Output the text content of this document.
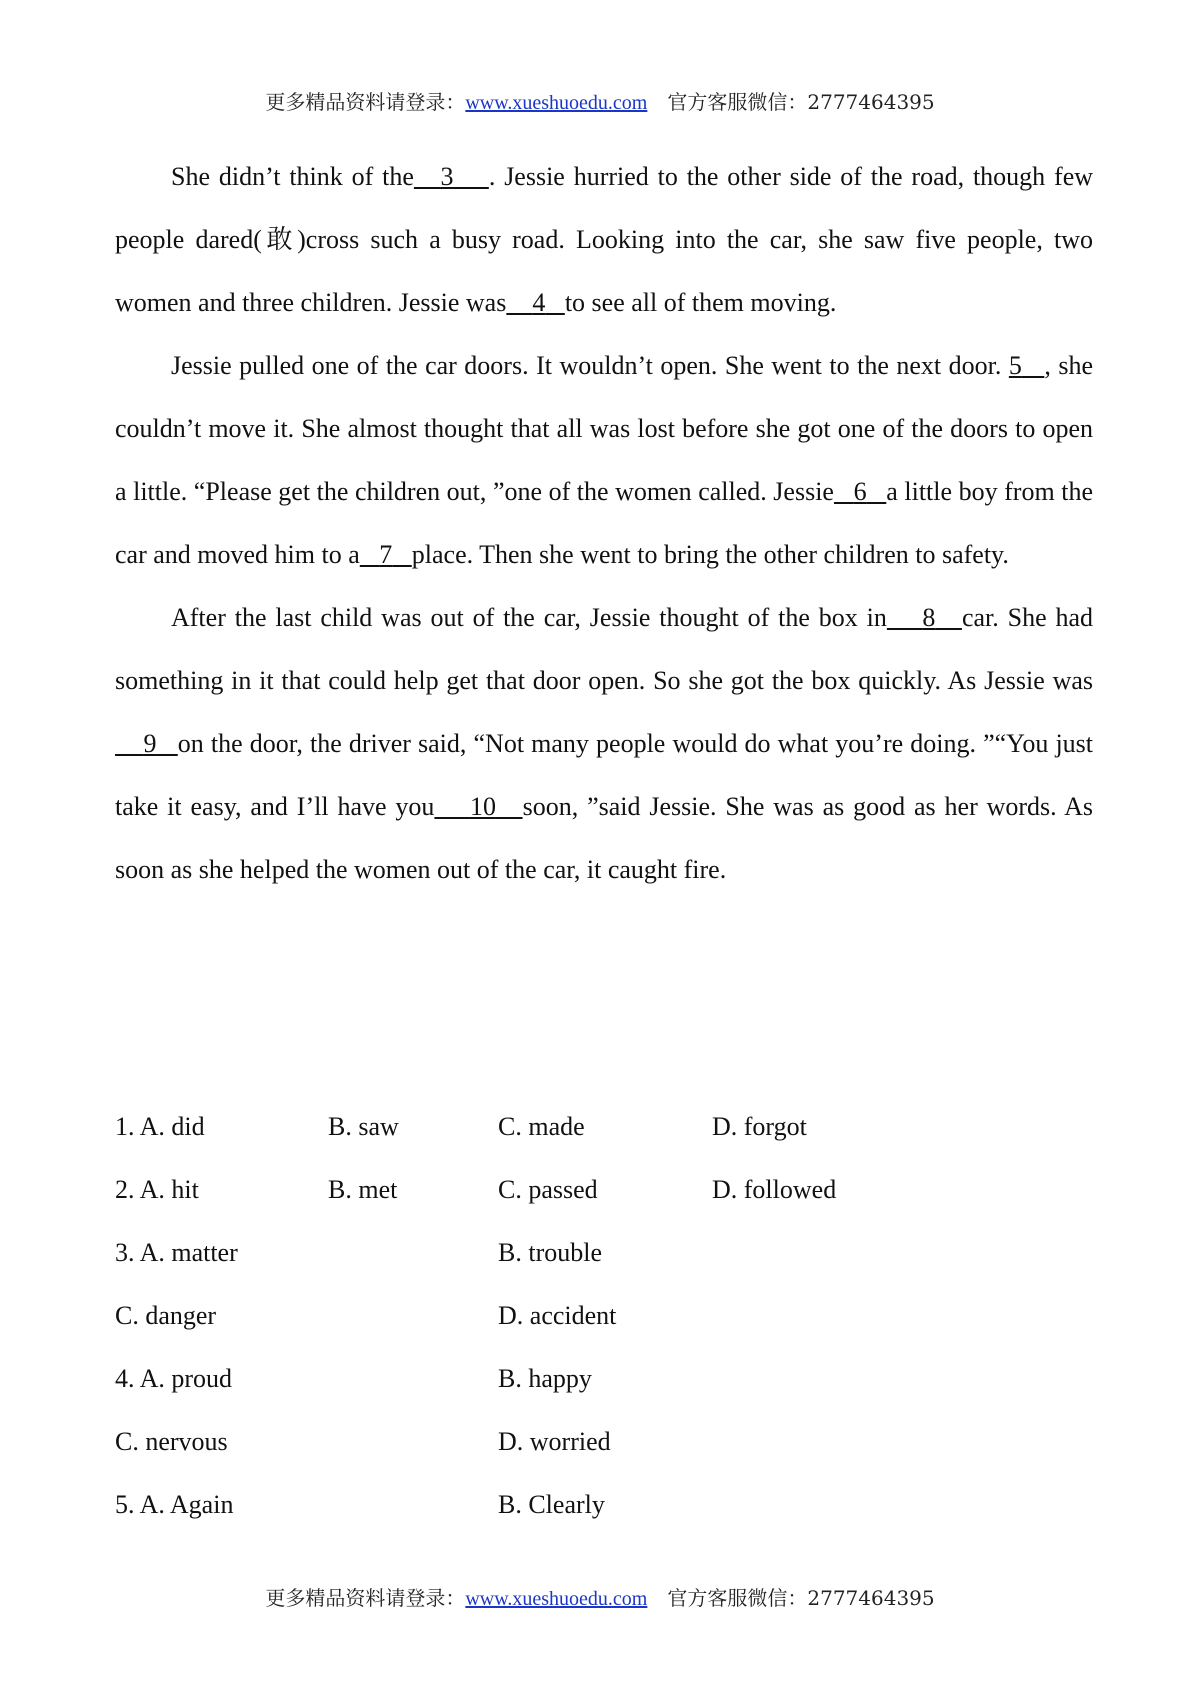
更多精品资料请登录：www.xueshuoedu.com 官方客服微信：2777464395

She didn’t think of the 3 . Jessie hurried to the other side of the road, though few people dared(敢)cross such a busy road. Looking into the car, she saw five people, two women and three children. Jessie was 4 to see all of them moving.

Jessie pulled one of the car doors. It wouldn’t open. She went to the next door. 5 , she couldn’t move it. She almost thought that all was lost before she got one of the doors to open a little. “Please get the children out, ”one of the women called. Jessie 6 a little boy from the car and moved him to a 7 place. Then she went to bring the other children to safety.

After the last child was out of the car, Jessie thought of the box in 8 car. She had something in it that could help get that door open. So she got the box quickly. As Jessie was    9 on the door, the driver said, “Not many people would do what you’re doing. ”“You just take it easy, and I’ll have you 10 soon, ”said Jessie. She was as good as her words. As soon as she helped the women out of the car, it caught fire.

1. A. did	B. saw	C. made	D. forgot
2. A. hit	B. met	C. passed	D. followed
3. A. matter	B. trouble
C. danger	D. accident
4. A. proud	B. happy
C. nervous	D. worried
5. A. Again	B. Clearly
更多精品资料请登录：www.xueshuoedu.com 官方客服微信：2777464395
